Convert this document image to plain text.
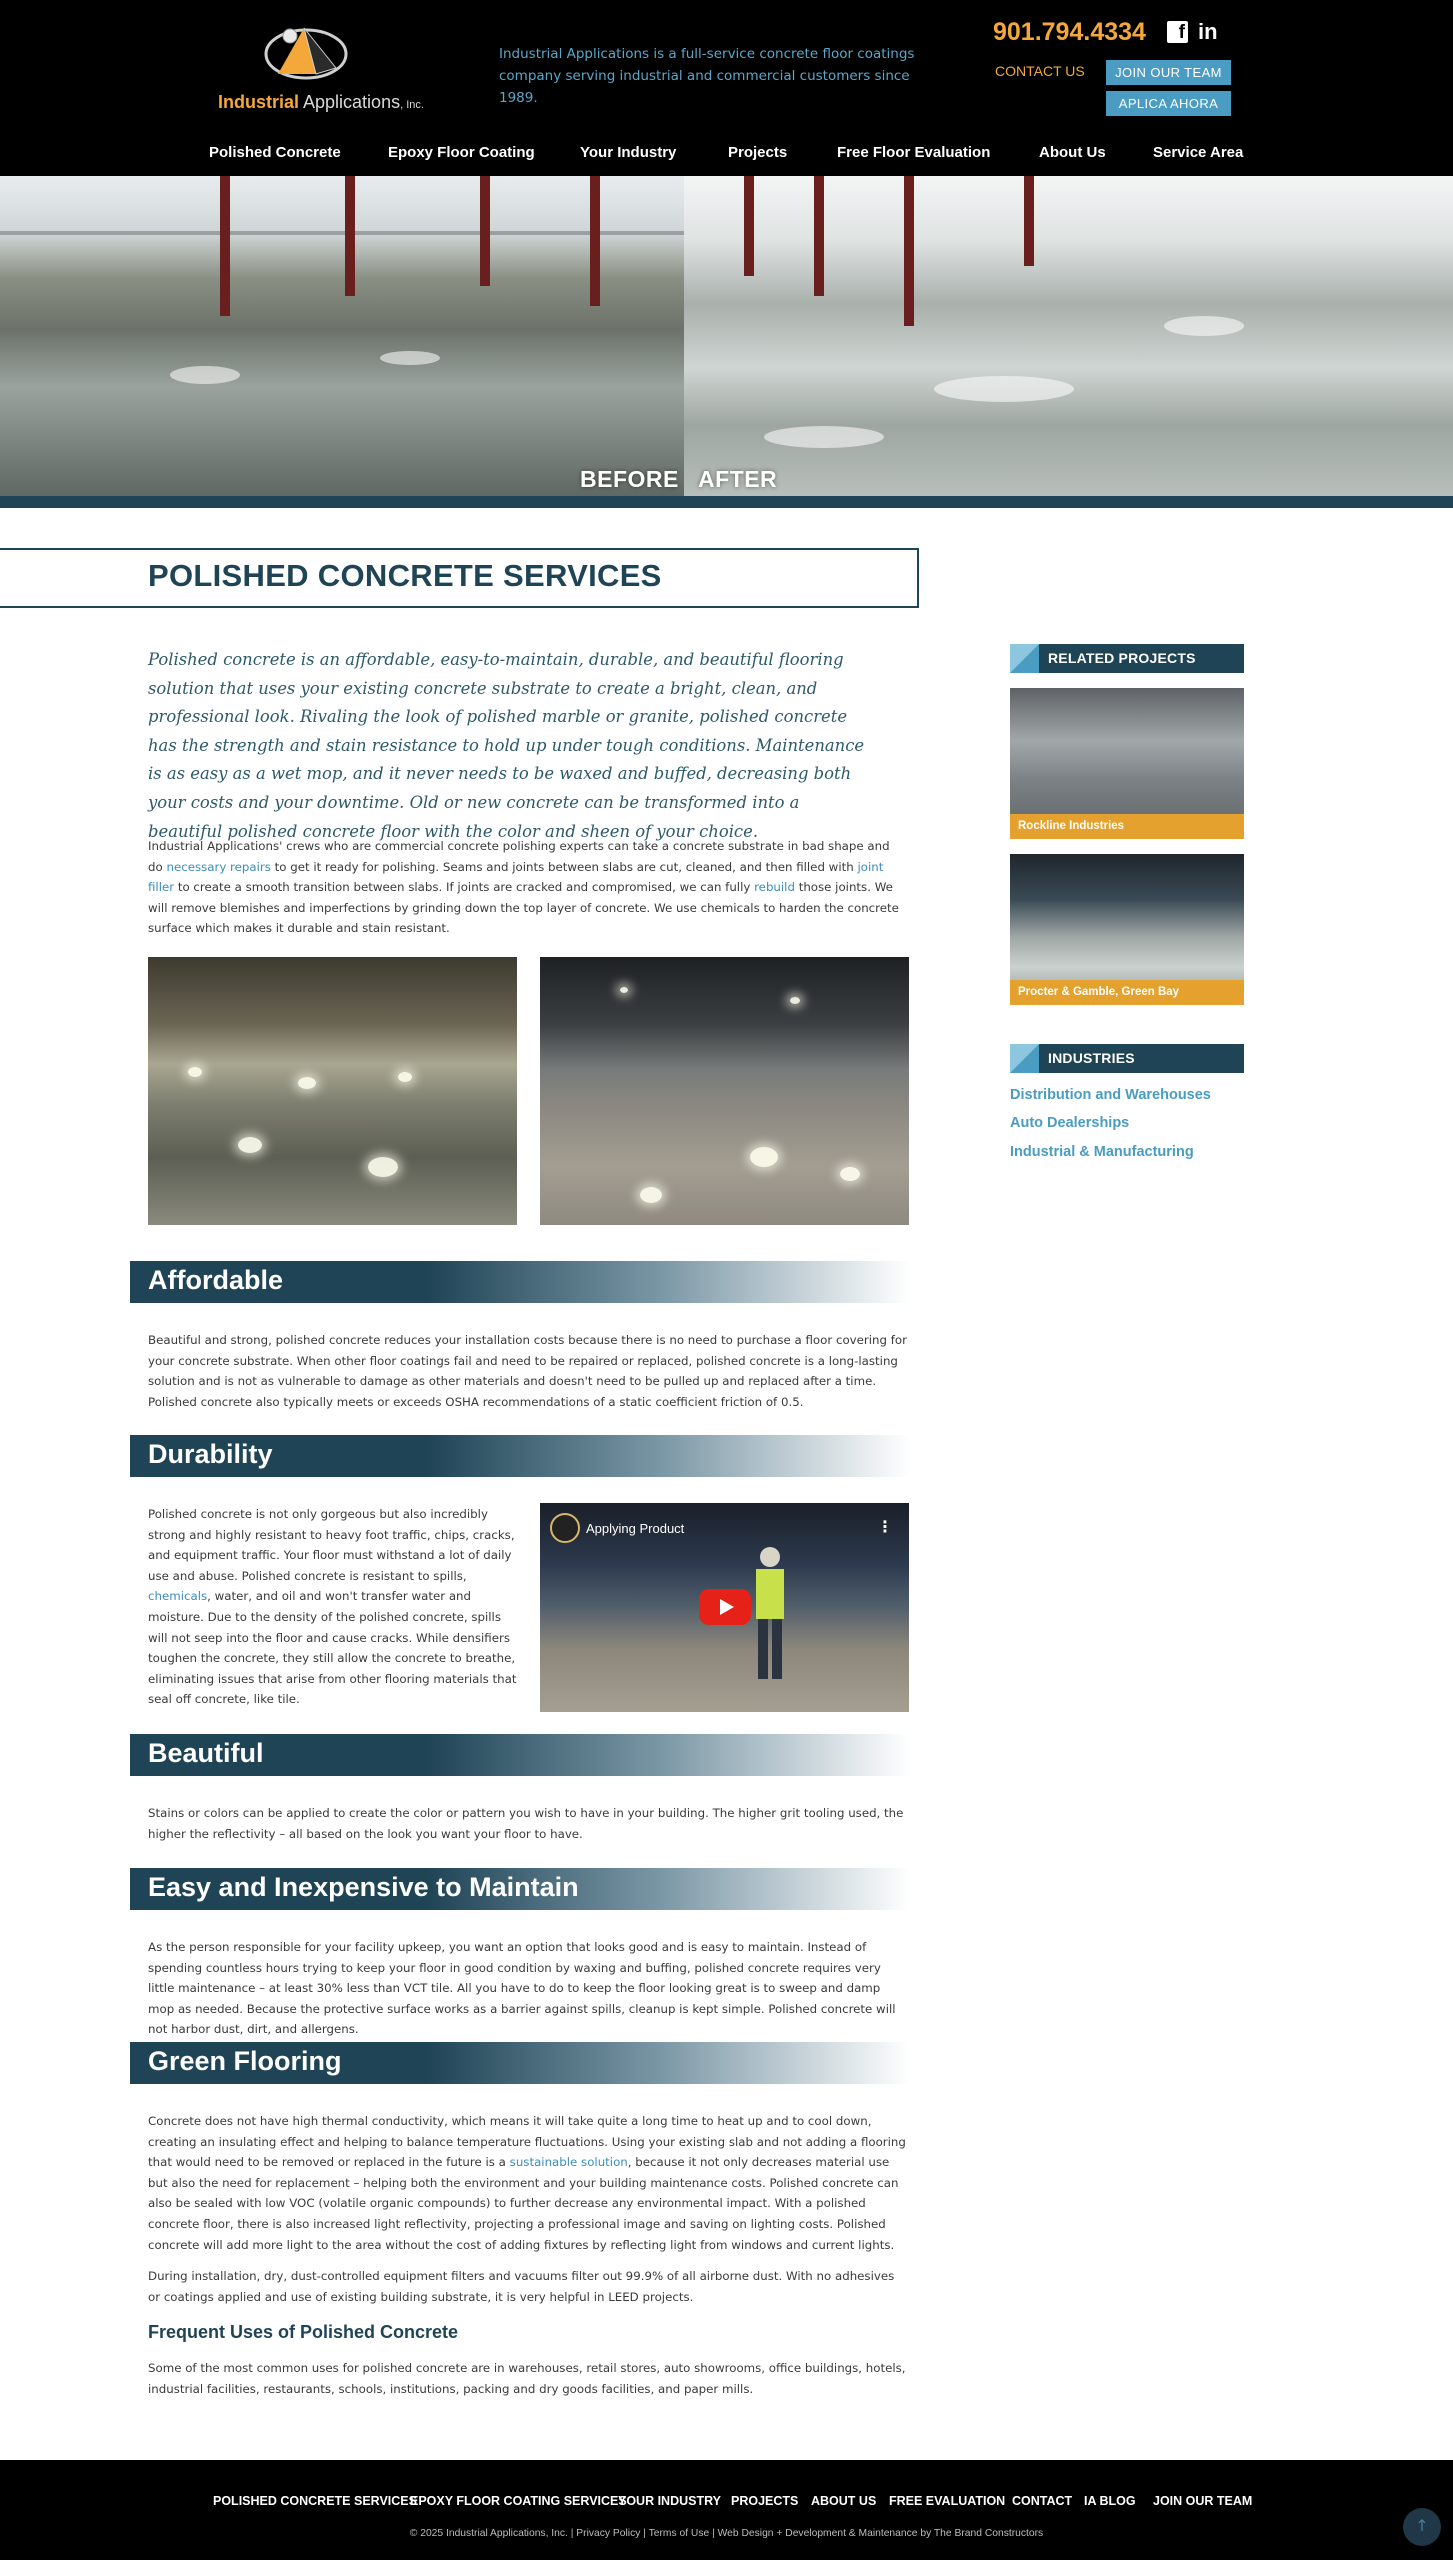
Industrial Applications, Inc.
Industrial Applications is a full-service concrete floor coatings company serving industrial and commercial customers since 1989.
901.794.4334	f in
CONTACT US	JOIN OUR TEAM
APLICA AHORA
Polished Concrete	Epoxy Floor Coating	Your Industry	Projects	Free Floor Evaluation	About Us	Service Area
BEFORE AFTER
POLISHED CONCRETE SERVICES

Polished concrete is an affordable, easy-to-maintain, durable, and beautiful flooring solution that uses your existing concrete substrate to create a bright, clean, and professional look. Rivaling the look of polished marble or granite, polished concrete has the strength and stain resistance to hold up under tough conditions. Maintenance is as easy as a wet mop, and it never needs to be waxed and buffed, decreasing both your costs and your downtime. Old or new concrete can be transformed into a beautiful polished concrete floor with the color and sheen of your choice.

Industrial Applications' crews who are commercial concrete polishing experts can take a concrete substrate in bad shape and do necessary repairs to get it ready for polishing. Seams and joints between slabs are cut, cleaned, and then filled with joint filler to create a smooth transition between slabs. If joints are cracked and compromised, we can fully rebuild those joints. We will remove blemishes and imperfections by grinding down the top layer of concrete. We use chemicals to harden the concrete surface which makes it durable and stain resistant.

Affordable

Beautiful and strong, polished concrete reduces your installation costs because there is no need to purchase a floor covering for your concrete substrate. When other floor coatings fail and need to be repaired or replaced, polished concrete is a long-lasting solution and is not as vulnerable to damage as other materials and doesn't need to be pulled up and replaced after a time. Polished concrete also typically meets or exceeds OSHA recommendations of a static coefficient friction of 0.5.

Durability

Polished concrete is not only gorgeous but also incredibly strong and highly resistant to heavy foot traffic, chips, cracks, and equipment traffic. Your floor must withstand a lot of daily use and abuse. Polished concrete is resistant to spills, chemicals, water, and oil and won't transfer water and moisture. Due to the density of the polished concrete, spills will not seep into the floor and cause cracks. While densifiers toughen the concrete, they still allow the concrete to breathe, eliminating issues that arise from other flooring materials that seal off concrete, like tile.

Applying Product	⋮
Beautiful

Stains or colors can be applied to create the color or pattern you wish to have in your building. The higher grit tooling used, the higher the reflectivity – all based on the look you want your floor to have.

Easy and Inexpensive to Maintain

As the person responsible for your facility upkeep, you want an option that looks good and is easy to maintain. Instead of spending countless hours trying to keep your floor in good condition by waxing and buffing, polished concrete requires very little maintenance – at least 30% less than VCT tile. All you have to do to keep the floor looking great is to sweep and damp mop as needed. Because the protective surface works as a barrier against spills, cleanup is kept simple. Polished concrete will not harbor dust, dirt, and allergens.

Green Flooring

Concrete does not have high thermal conductivity, which means it will take quite a long time to heat up and to cool down, creating an insulating effect and helping to balance temperature fluctuations. Using your existing slab and not adding a flooring that would need to be removed or replaced in the future is a sustainable solution, because it not only decreases material use but also the need for replacement – helping both the environment and your building maintenance costs. Polished concrete can also be sealed with low VOC (volatile organic compounds) to further decrease any environmental impact. With a polished concrete floor, there is also increased light reflectivity, projecting a professional image and saving on lighting costs. Polished concrete will add more light to the area without the cost of adding fixtures by reflecting light from windows and current lights.

During installation, dry, dust-controlled equipment filters and vacuums filter out 99.9% of all airborne dust. With no adhesives or coatings applied and use of existing building substrate, it is very helpful in LEED projects.

Frequent Uses of Polished Concrete

Some of the most common uses for polished concrete are in warehouses, retail stores, auto showrooms, office buildings, hotels, industrial facilities, restaurants, schools, institutions, packing and dry goods facilities, and paper mills.

RELATED PROJECTS
Rockline Industries
Procter & Gamble, Green Bay
INDUSTRIES
Distribution and Warehouses
Auto Dealerships
Industrial & Manufacturing
POLISHED CONCRETE SERVICES
EPOXY FLOOR COATING SERVICES
YOUR INDUSTRY PROJECTS ABOUT US FREE EVALUATION CONTACT IA BLOG JOIN OUR TEAM
© 2025 Industrial Applications, Inc. | Privacy Policy | Terms of Use | Web Design + Development & Maintenance by The Brand Constructors
↑
